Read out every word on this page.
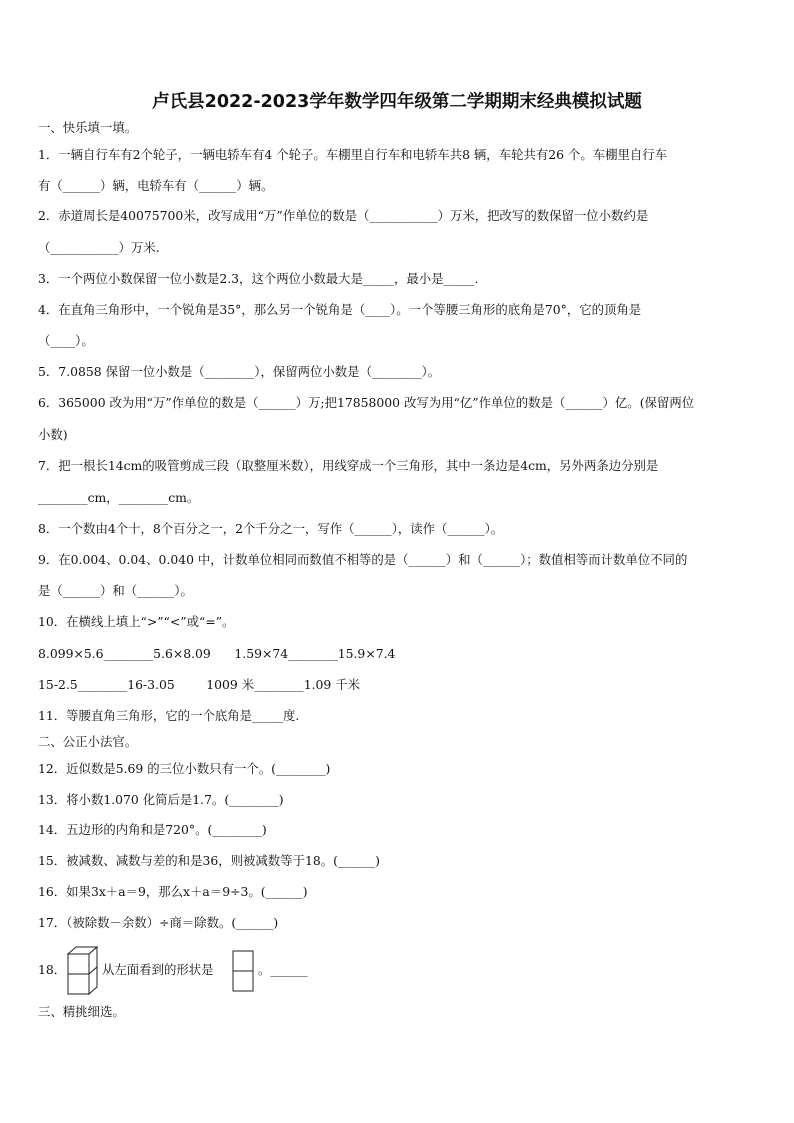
卢氏县2022-2023学年数学四年级第二学期期末经典模拟试题
一、快乐填一填。
1．一辆自行车有2个轮子，一辆电轿车有4 个轮子。车棚里自行车和电轿车共8 辆，车轮共有26 个。车棚里自行车
有（______）辆，电轿车有（______）辆。
2．赤道周长是40075700米，改写成用“万”作单位的数是（___________）万米，把改写的数保留一位小数约是
（___________）万米.
3．一个两位小数保留一位小数是2.3，这个两位小数最大是_____，最小是_____.
4．在直角三角形中，一个锐角是35°，那么另一个锐角是（____）。一个等腰三角形的底角是70°，它的顶角是
（____）。
5．7.0858 保留一位小数是（________），保留两位小数是（________）。
6．365000 改为用“万”作单位的数是（______）万;把17858000 改写为用“亿”作单位的数是（______）亿。(保留两位
小数)
7．把一根长14cm的吸管剪成三段（取整厘米数），用线穿成一个三角形，其中一条边是4cm，另外两条边分别是
________cm，________cm。
8．一个数由4个十，8个百分之一，2个千分之一，写作（______），读作（______）。
9．在0.004、0.04、0.040 中，计数单位相同而数值不相等的是（______）和（______）；数值相等而计数单位不同的
是（______）和（______）。
10．在横线上填上“>”“<”或“=”。
8.099×5.6________5.6×8.09      1.59×74________15.9×7.4
15-2.5________16-3.05        1009 米________1.09 千米
11．等腰直角三角形，它的一个底角是_____度.
二、公正小法官。
12．近似数是5.69 的三位小数只有一个。(________)
13．将小数1.070 化简后是1.7。(________)
14．五边形的内角和是720°。(________)
15．被减数、减数与差的和是36，则被减数等于18。(______)
16．如果3x＋a＝9，那么x＋a＝9÷3。(______)
17．（被除数－余数）÷商＝除数。(______)
18．	从左面看到的形状是	。______
三、精挑细选。
